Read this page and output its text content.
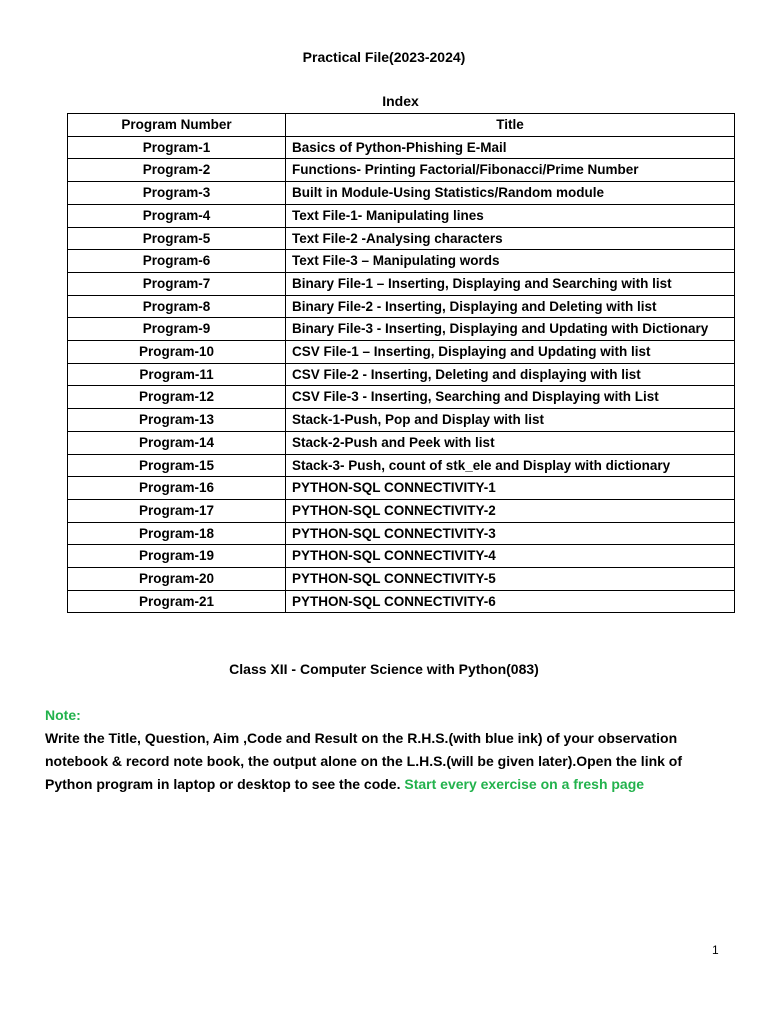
Practical File(2023-2024)
Index
Program Number	Title
Program-1	Basics of Python-Phishing E-Mail
Program-2	Functions- Printing Factorial/Fibonacci/Prime Number
Program-3	Built in Module-Using Statistics/Random module
Program-4	Text File-1- Manipulating lines
Program-5	Text File-2 -Analysing characters
Program-6	Text File-3 – Manipulating words
Program-7	Binary File-1 – Inserting, Displaying and Searching with list
Program-8	Binary File-2 - Inserting, Displaying and Deleting with list
Program-9	Binary File-3 - Inserting, Displaying and Updating with Dictionary
Program-10	CSV File-1 – Inserting, Displaying and Updating with list
Program-11	CSV File-2 - Inserting, Deleting and displaying with list
Program-12	CSV File-3 - Inserting, Searching and Displaying with List
Program-13	Stack-1-Push, Pop and Display with list
Program-14	Stack-2-Push and Peek with list
Program-15	Stack-3- Push, count of stk_ele and Display with dictionary
Program-16	PYTHON-SQL CONNECTIVITY-1
Program-17	PYTHON-SQL CONNECTIVITY-2
Program-18	PYTHON-SQL CONNECTIVITY-3
Program-19	PYTHON-SQL CONNECTIVITY-4
Program-20	PYTHON-SQL CONNECTIVITY-5
Program-21	PYTHON-SQL CONNECTIVITY-6
Class XII - Computer Science with Python(083)
Note:
Write the Title, Question, Aim ,Code and Result on the R.H.S.(with blue ink) of your observation notebook & record note book, the output alone on the L.H.S.(will be given later).Open the link of Python program in laptop or desktop to see the code. Start every exercise on a fresh page
1
